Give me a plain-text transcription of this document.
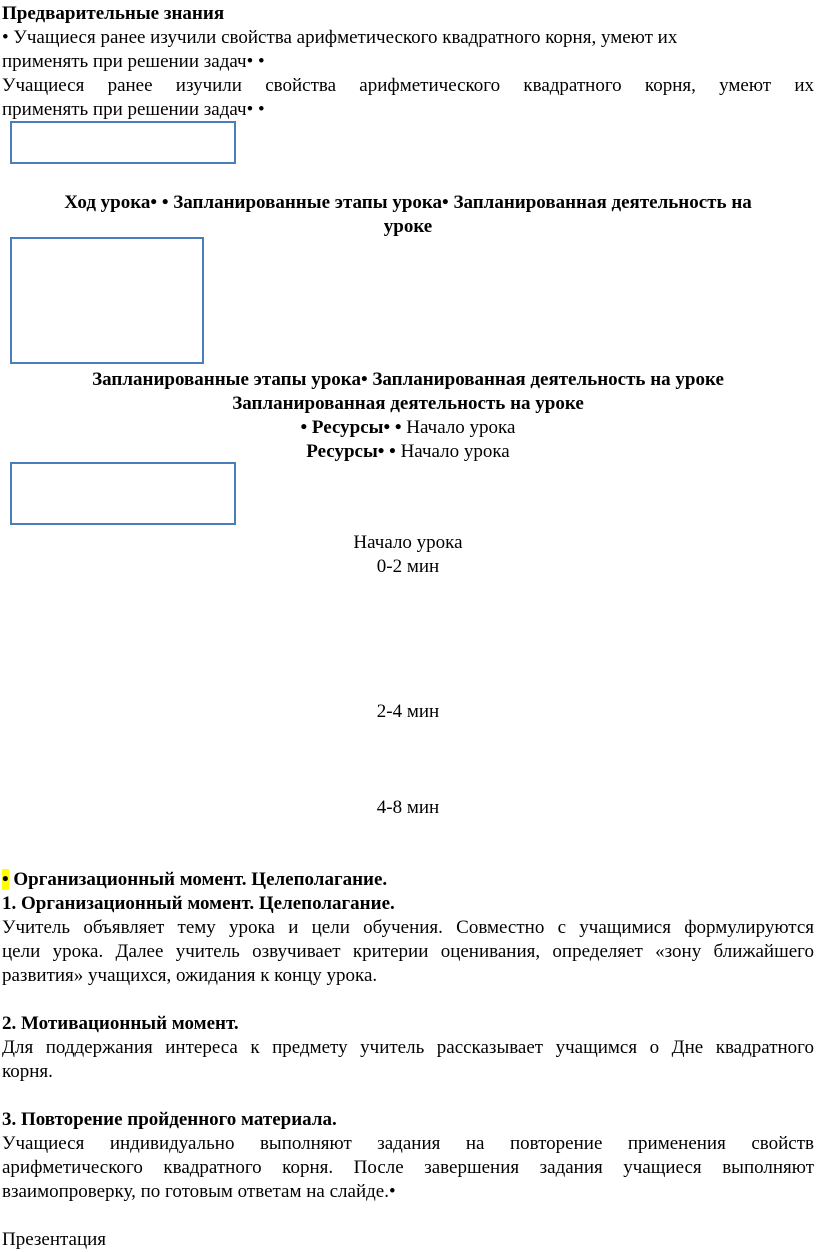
Предварительные знания
• Учащиеся ранее изучили свойства арифметического квадратного корня, умеют их
применять при решении задач• •
Учащиеся ранее изучили свойства арифметического квадратного корня, умеют их
применять при решении задач• •
Ход урока• • Запланированные этапы урока• Запланированная деятельность на
уроке
Запланированные этапы урока• Запланированная деятельность на уроке
Запланированная деятельность на уроке
• Ресурсы• • Начало урока
Ресурсы• • Начало урока
Начало урока
0-2 мин
2-4 мин
4-8 мин
• Организационный момент. Целеполагание.
1. Организационный момент. Целеполагание.
Учитель объявляет тему урока и цели обучения. Совместно с учащимися формулируются
цели урока. Далее учитель озвучивает критерии оценивания, определяет «зону ближайшего
развития» учащихся, ожидания к концу урока.
2. Мотивационный момент.
Для поддержания интереса к предмету учитель рассказывает учащимся о Дне квадратного
корня.
3. Повторение пройденного материала.
Учащиеся индивидуально выполняют задания на повторение применения свойств
арифметического квадратного корня. После завершения задания учащиеся выполняют
взаимопроверку, по готовым ответам на слайде.•
Презентация
